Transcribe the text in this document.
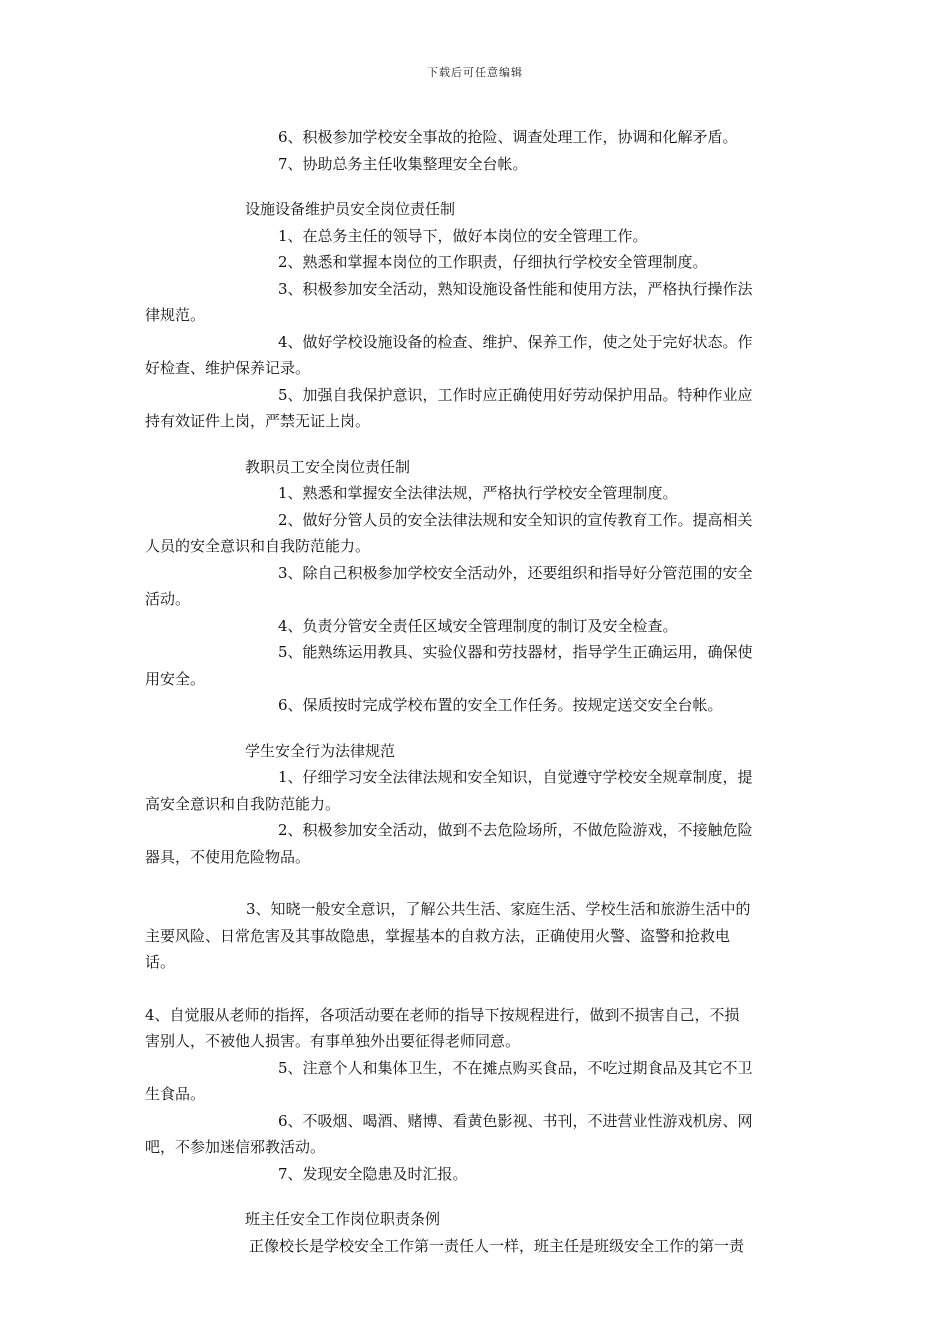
下载后可任意编辑
6、积极参加学校安全事故的抢险、调查处理工作，协调和化解矛盾。
7、协助总务主任收集整理安全台帐。
设施设备维护员安全岗位责任制
1、在总务主任的领导下，做好本岗位的安全管理工作。
2、熟悉和掌握本岗位的工作职责，仔细执行学校安全管理制度。
3、积极参加安全活动，熟知设施设备性能和使用方法，严格执行操作法
律规范。
4、做好学校设施设备的检查、维护、保养工作，使之处于完好状态。作
好检查、维护保养记录。
5、加强自我保护意识，工作时应正确使用好劳动保护用品。特种作业应
持有效证件上岗，严禁无证上岗。
教职员工安全岗位责任制
1、熟悉和掌握安全法律法规，严格执行学校安全管理制度。
2、做好分管人员的安全法律法规和安全知识的宣传教育工作。提高相关
人员的安全意识和自我防范能力。
3、除自己积极参加学校安全活动外，还要组织和指导好分管范围的安全
活动。
4、负责分管安全责任区域安全管理制度的制订及安全检查。
5、能熟练运用教具、实验仪器和劳技器材，指导学生正确运用，确保使
用安全。
6、保质按时完成学校布置的安全工作任务。按规定送交安全台帐。
学生安全行为法律规范
1、仔细学习安全法律法规和安全知识，自觉遵守学校安全规章制度，提
高安全意识和自我防范能力。
2、积极参加安全活动，做到不去危险场所，不做危险游戏，不接触危险
器具，不使用危险物品。
3、知晓一般安全意识，了解公共生活、家庭生活、学校生活和旅游生活中的
主要风险、日常危害及其事故隐患，掌握基本的自救方法，正确使用火警、盗警和抢救电
话。
4、自觉服从老师的指挥，各项活动要在老师的指导下按规程进行，做到不损害自己，不损
害别人，不被他人损害。有事单独外出要征得老师同意。
5、注意个人和集体卫生，不在摊点购买食品，不吃过期食品及其它不卫
生食品。
6、不吸烟、喝酒、赌博、看黄色影视、书刊，不进营业性游戏机房、网
吧，不参加迷信邪教活动。
7、发现安全隐患及时汇报。
班主任安全工作岗位职责条例
正像校长是学校安全工作第一责任人一样，班主任是班级安全工作的第一责
